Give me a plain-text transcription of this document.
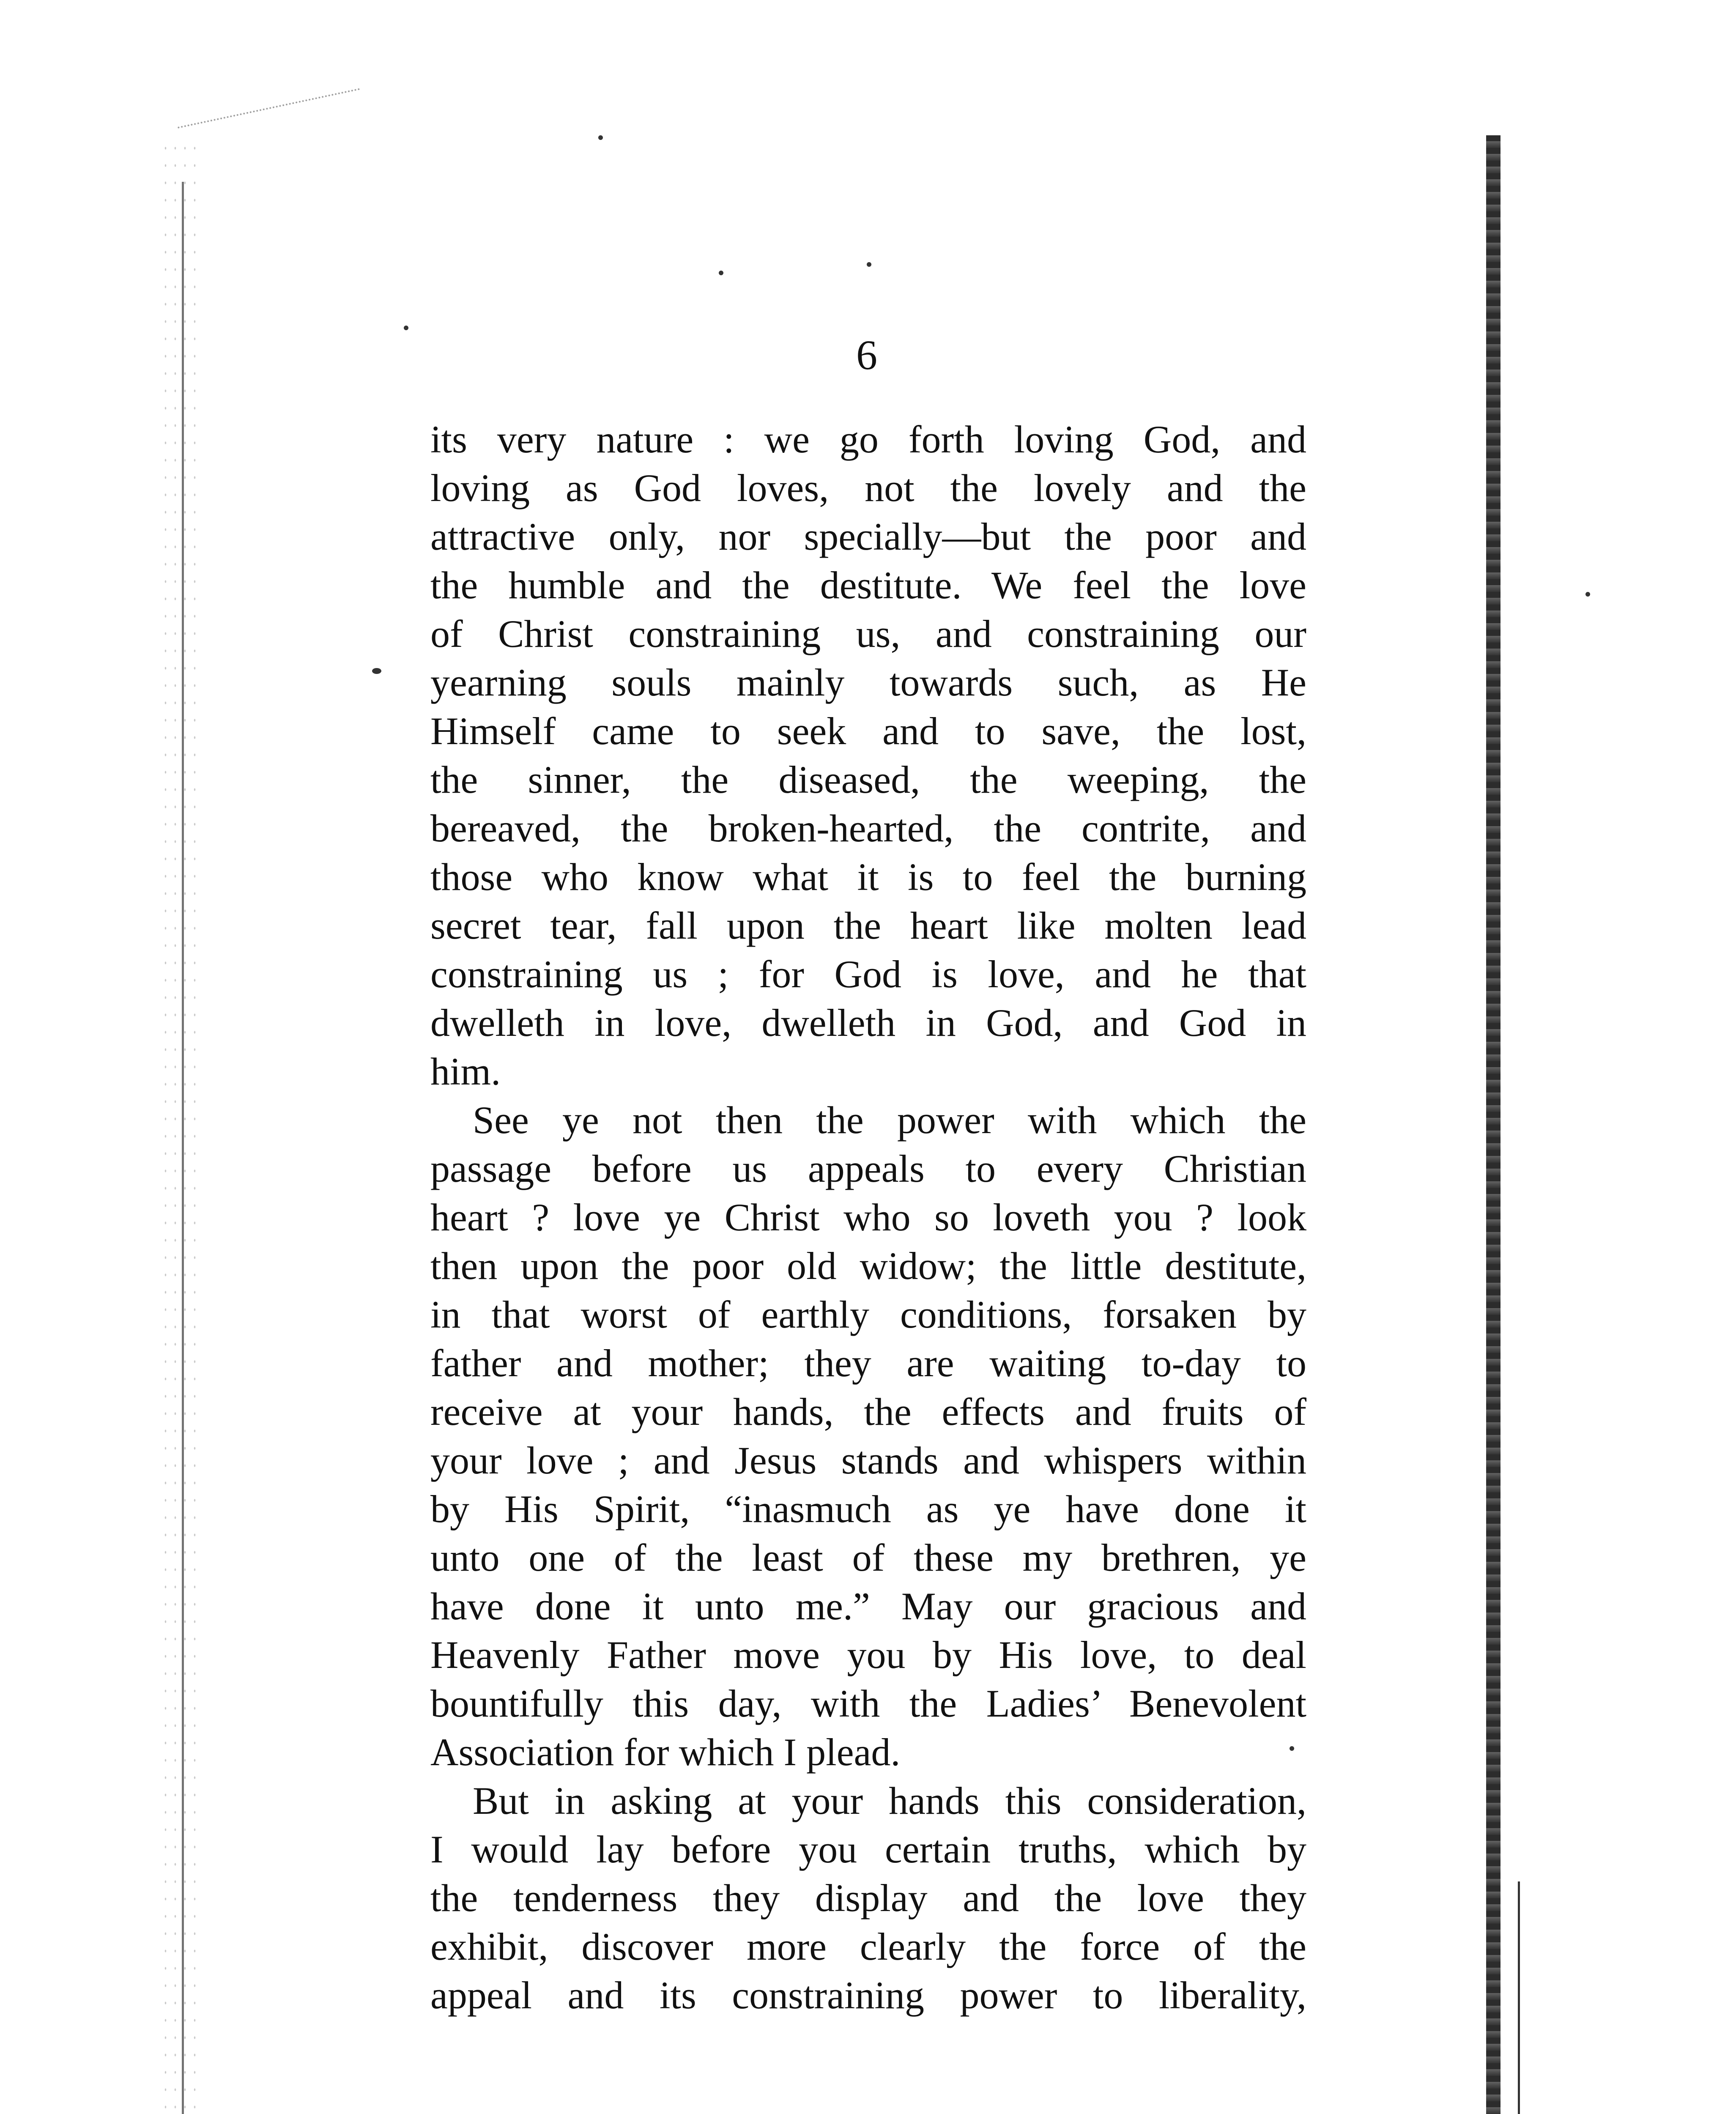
6
its very nature : we go forth loving God, and
loving as God loves, not the lovely and the
attractive only, nor specially—but the poor and
the humble and the destitute. We feel the love
of Christ constraining us, and constraining our
yearning souls mainly towards such, as He
Himself came to seek and to save, the lost,
the sinner, the diseased, the weeping, the
bereaved, the broken-hearted, the contrite, and
those who know what it is to feel the burning
secret tear, fall upon the heart like molten lead
constraining us ; for God is love, and he that
dwelleth in love, dwelleth in God, and God in
him.
See ye not then the power with which the
passage before us appeals to every Christian
heart ? love ye Christ who so loveth you ? look
then upon the poor old widow; the little destitute,
in that worst of earthly conditions, forsaken by
father and mother; they are waiting to-day to
receive at your hands, the effects and fruits of
your love ; and Jesus stands and whispers within
by His Spirit, “inasmuch as ye have done it
unto one of the least of these my brethren, ye
have done it unto me.” May our gracious and
Heavenly Father move you by His love, to deal
bountifully this day, with the Ladies’ Benevolent
Association for which I plead.
But in asking at your hands this consideration,
I would lay before you certain truths, which by
the tenderness they display and the love they
exhibit, discover more clearly the force of the
appeal and its constraining power to liberality,
